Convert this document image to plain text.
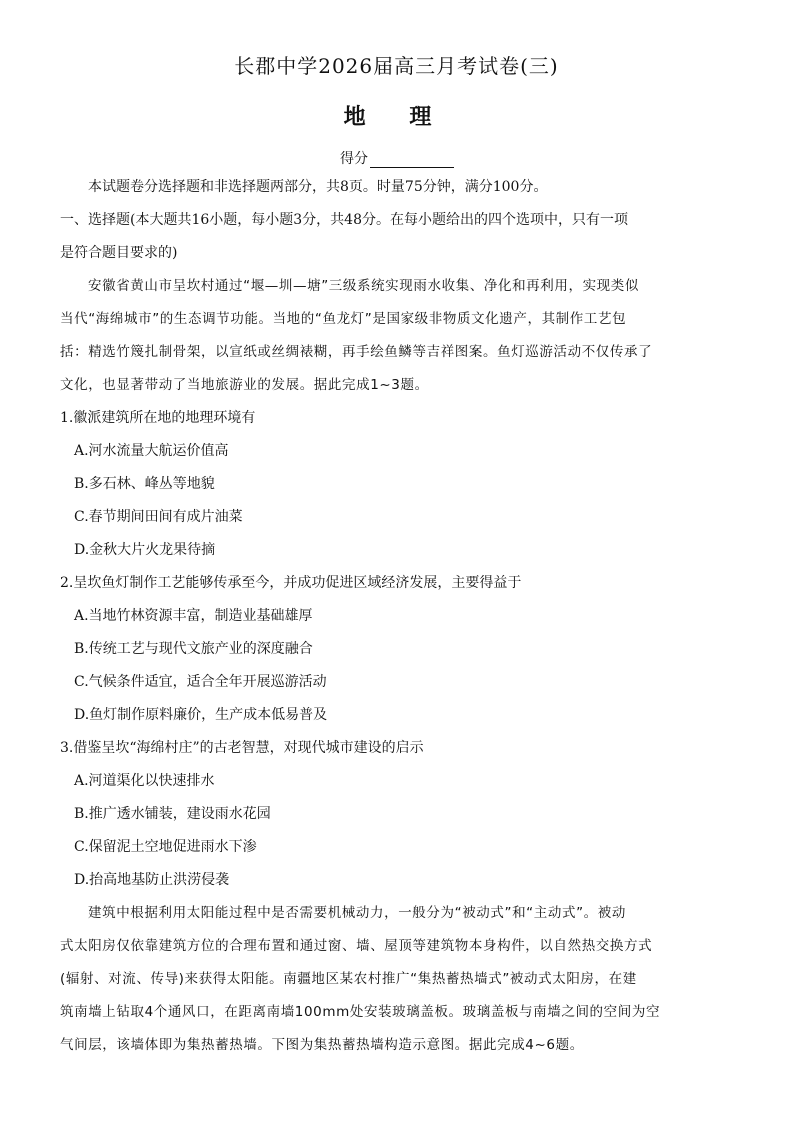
长郡中学2026届高三月考试卷(三)
地 理
得分

本试题卷分选择题和非选择题两部分，共8页。时量75分钟，满分100分。

一、选择题(本大题共16小题，每小题3分，共48分。在每小题给出的四个选项中，只有一项

是符合题目要求的)

安徽省黄山市呈坎村通过“堰—圳—塘”三级系统实现雨水收集、净化和再利用，实现类似

当代“海绵城市”的生态调节功能。当地的“鱼龙灯”是国家级非物质文化遗产，其制作工艺包

括：精选竹篾扎制骨架，以宣纸或丝绸裱糊，再手绘鱼鳞等吉祥图案。鱼灯巡游活动不仅传承了

文化，也显著带动了当地旅游业的发展。据此完成1~3题。

1.徽派建筑所在地的地理环境有

A.河水流量大航运价值高

B.多石林、峰丛等地貌

C.春节期间田间有成片油菜

D.金秋大片火龙果待摘

2.呈坎鱼灯制作工艺能够传承至今，并成功促进区域经济发展，主要得益于

A.当地竹林资源丰富，制造业基础雄厚

B.传统工艺与现代文旅产业的深度融合

C.气候条件适宜，适合全年开展巡游活动

D.鱼灯制作原料廉价，生产成本低易普及

3.借鉴呈坎“海绵村庄”的古老智慧，对现代城市建设的启示

A.河道渠化以快速排水

B.推广透水铺装，建设雨水花园

C.保留泥土空地促进雨水下渗

D.抬高地基防止洪涝侵袭

建筑中根据利用太阳能过程中是否需要机械动力，一般分为“被动式”和“主动式”。被动

式太阳房仅依靠建筑方位的合理布置和通过窗、墙、屋顶等建筑物本身构件，以自然热交换方式

(辐射、对流、传导)来获得太阳能。南疆地区某农村推广“集热蓄热墙式”被动式太阳房，在建

筑南墙上钻取4个通风口，在距离南墙100mm处安装玻璃盖板。玻璃盖板与南墙之间的空间为空

气间层，该墙体即为集热蓄热墙。下图为集热蓄热墙构造示意图。据此完成4~6题。
